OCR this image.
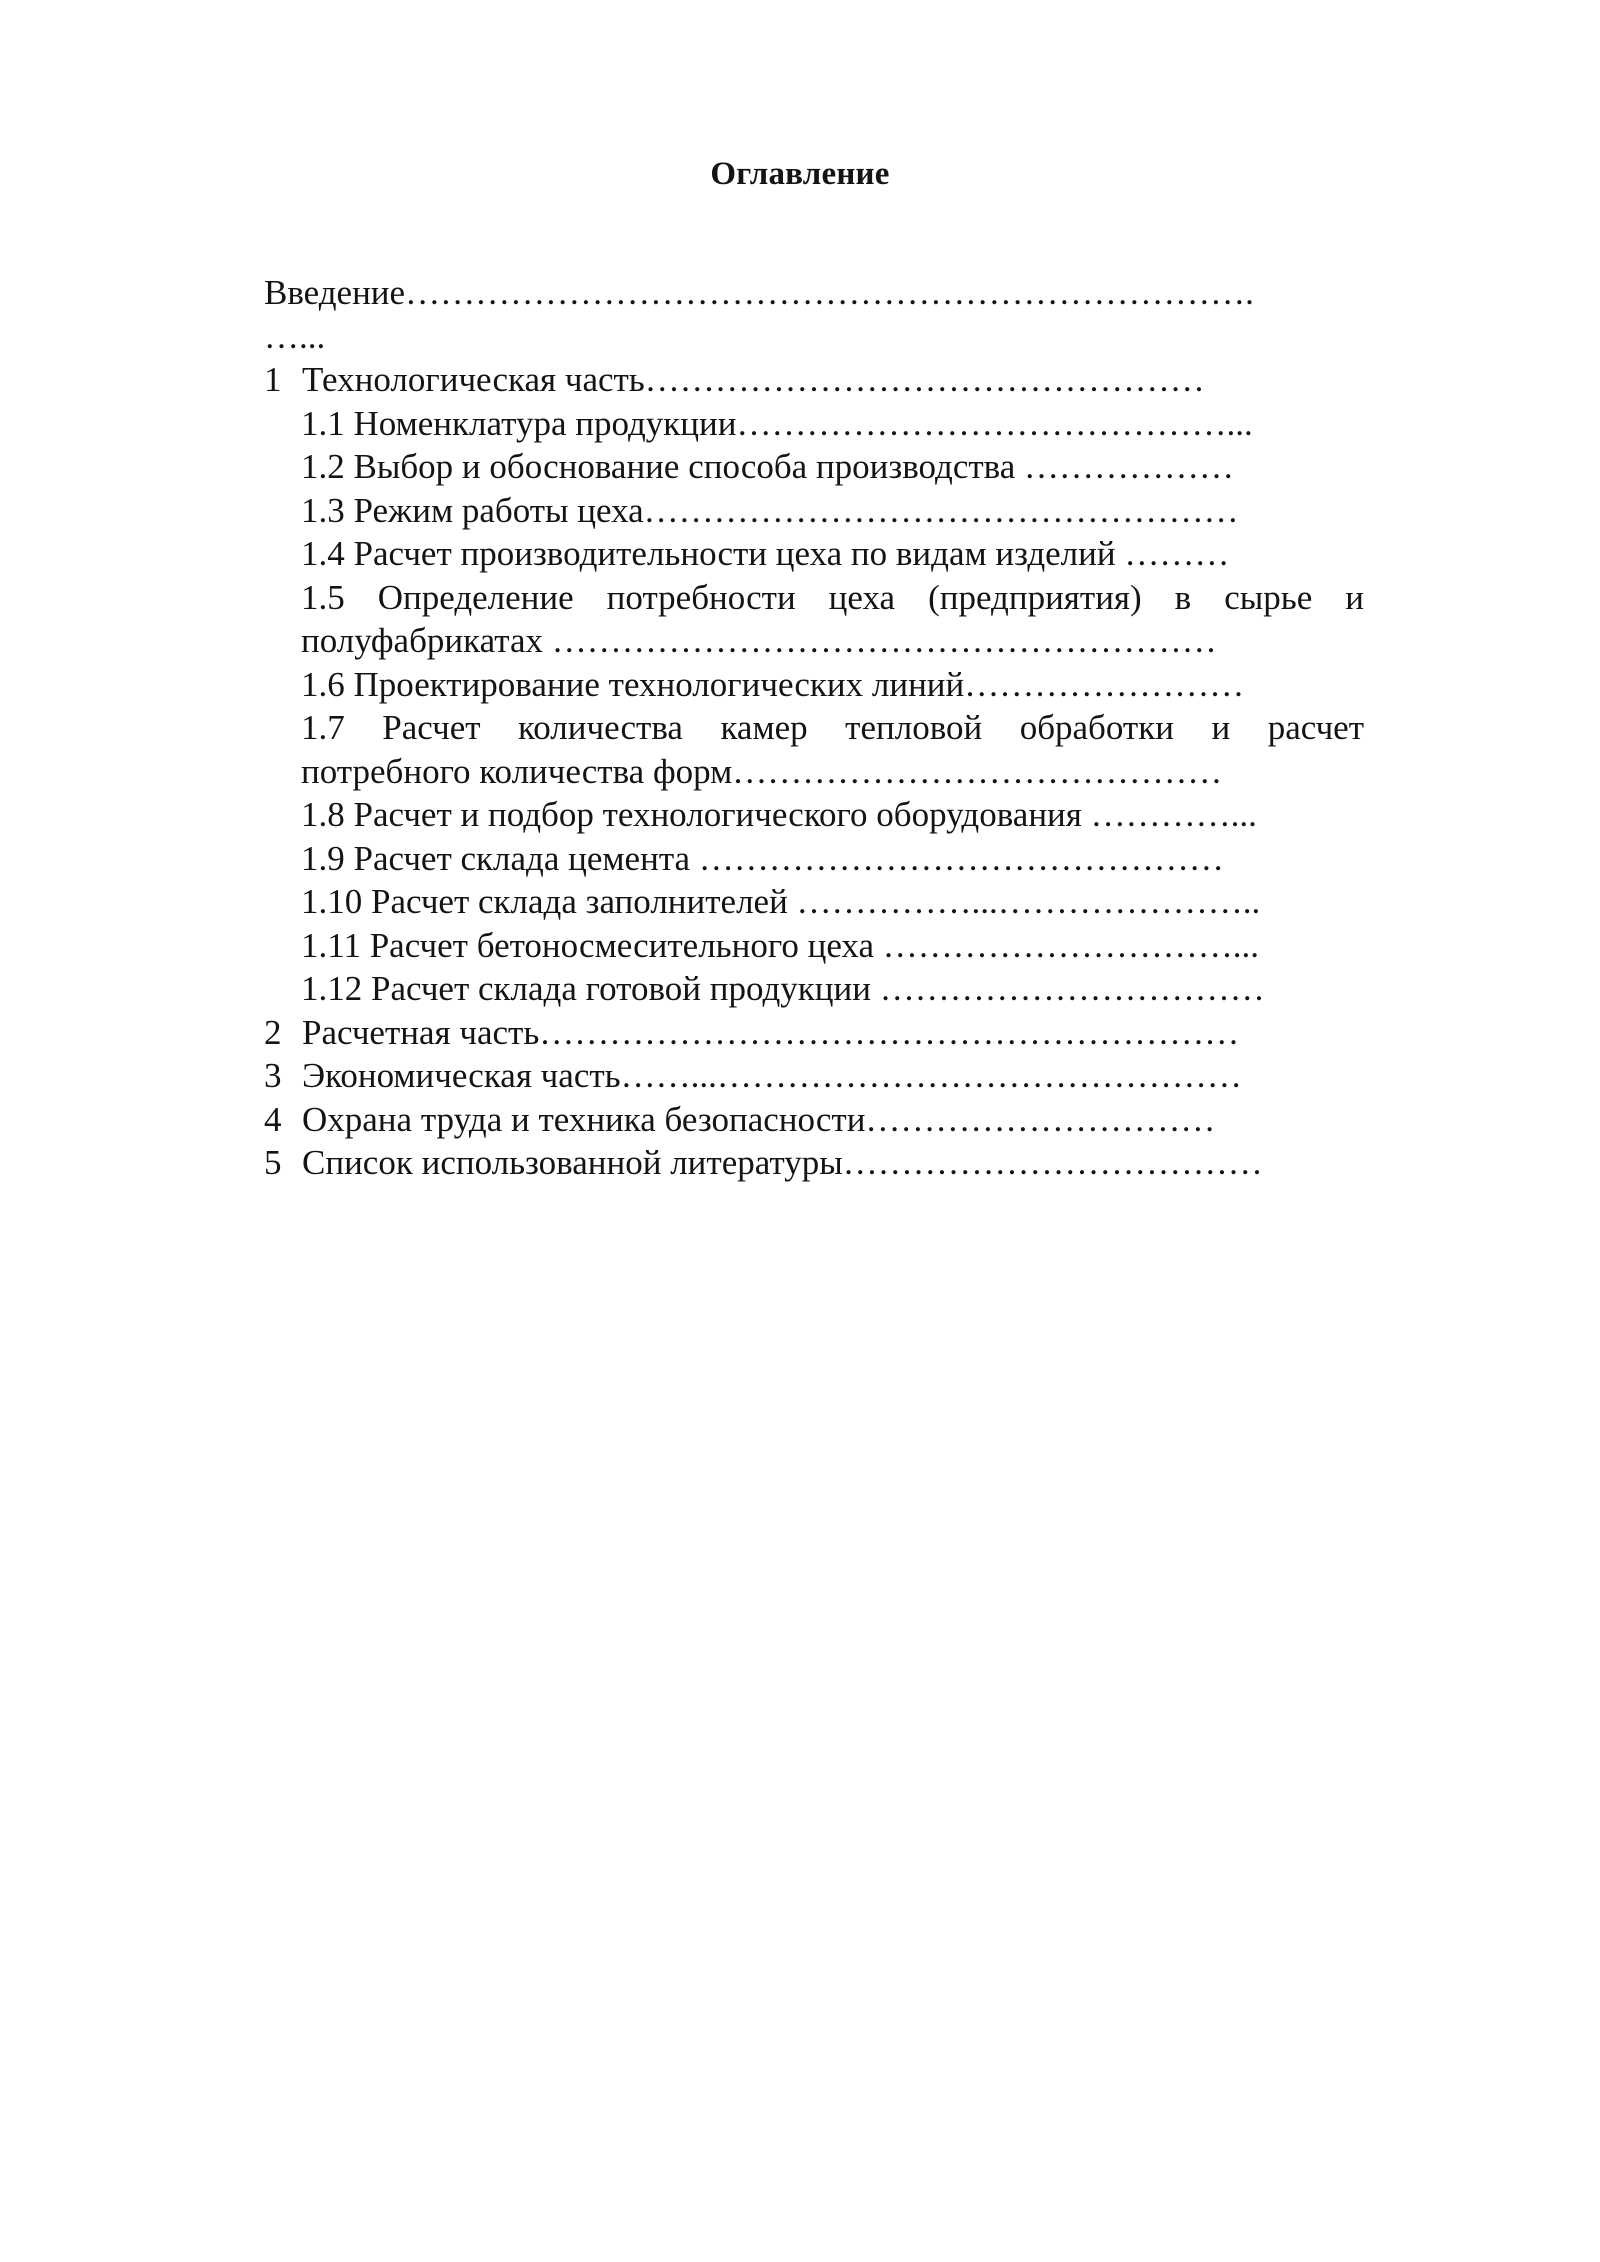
Оглавление
Введение……………………………………………………………….
…...
1 Технологическая часть…………………………………………
1.1 Номенклатура продукции……………………………………...
1.2 Выбор и обоснование способа производства ………………
1.3 Режим работы цеха……………………………………………
1.4 Расчет производительности цеха по видам изделий ………
1.5 Определение потребности цеха (предприятия) в сырье и
полуфабрикатах …………………………………………………
1.6 Проектирование технологических линий……………………
1.7 Расчет количества камер тепловой обработки и расчет
потребного количества форм……………………………………
1.8 Расчет и подбор технологического оборудования …………...
1.9 Расчет склада цемента ………………………………………
1.10 Расчет склада заполнителей ……………...…………………..
1.11 Расчет бетоносмесительного цеха …………………………...
1.12 Расчет склада готовой продукции ……………………………
2 Расчетная часть……………………………………………………
3 Экономическая часть……...………………………………………
4 Охрана труда и техника безопасности…………………………
5 Список использованной литературы………………………………
